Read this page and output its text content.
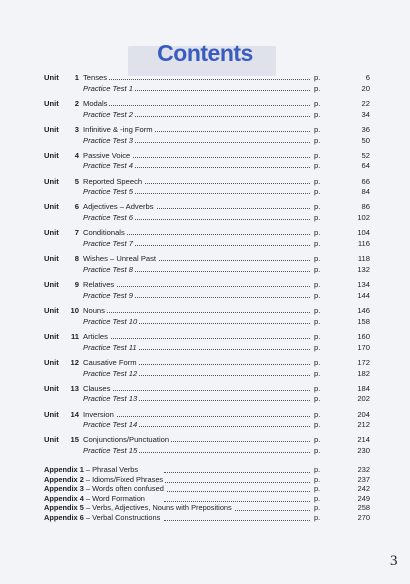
Contents
Unit	1 Tenses	p.	6
Practice Test 1	p.	20
Unit	2 Modals	p.	22
Practice Test 2	p.	34
Unit	3 Infinitive & -ing Form	p.	36
Practice Test 3	p.	50
Unit	4 Passive Voice	p.	52
Practice Test 4	p.	64
Unit	5 Reported Speech	p.	66
Practice Test 5	p.	84
Unit	6 Adjectives – Adverbs	p.	86
Practice Test 6	p.	102
Unit	7 Conditionals	p.	104
Practice Test 7	p.	116
Unit	8 Wishes – Unreal Past	p.	118
Practice Test 8	p.	132
Unit	9 Relatives	p.	134
Practice Test 9	p.	144
Unit 10 Nouns	p.	146
Practice Test 10	p.	158
Unit 11 Articles	p.	160
Practice Test 11	p.	170
Unit 12 Causative Form	p.	172
Practice Test 12	p.	182
Unit 13 Clauses	p.	184
Practice Test 13	p.	202
Unit 14 Inversion	p.	204
Practice Test 14	p.	212
Unit 15 Conjunctions/Punctuation	p.	214
Practice Test 15	p.	230
Appendix 1 – Phrasal Verbs	p.	232
Appendix 2 – Idioms/Fixed Phrases	p.	237
Appendix 3 – Words often confused	p.	242
Appendix 4 – Word Formation	p.	249
Appendix 5 – Verbs, Adjectives, Nouns with Prepositions	p.	258
Appendix 6 – Verbal Constructions	p.	270
3
